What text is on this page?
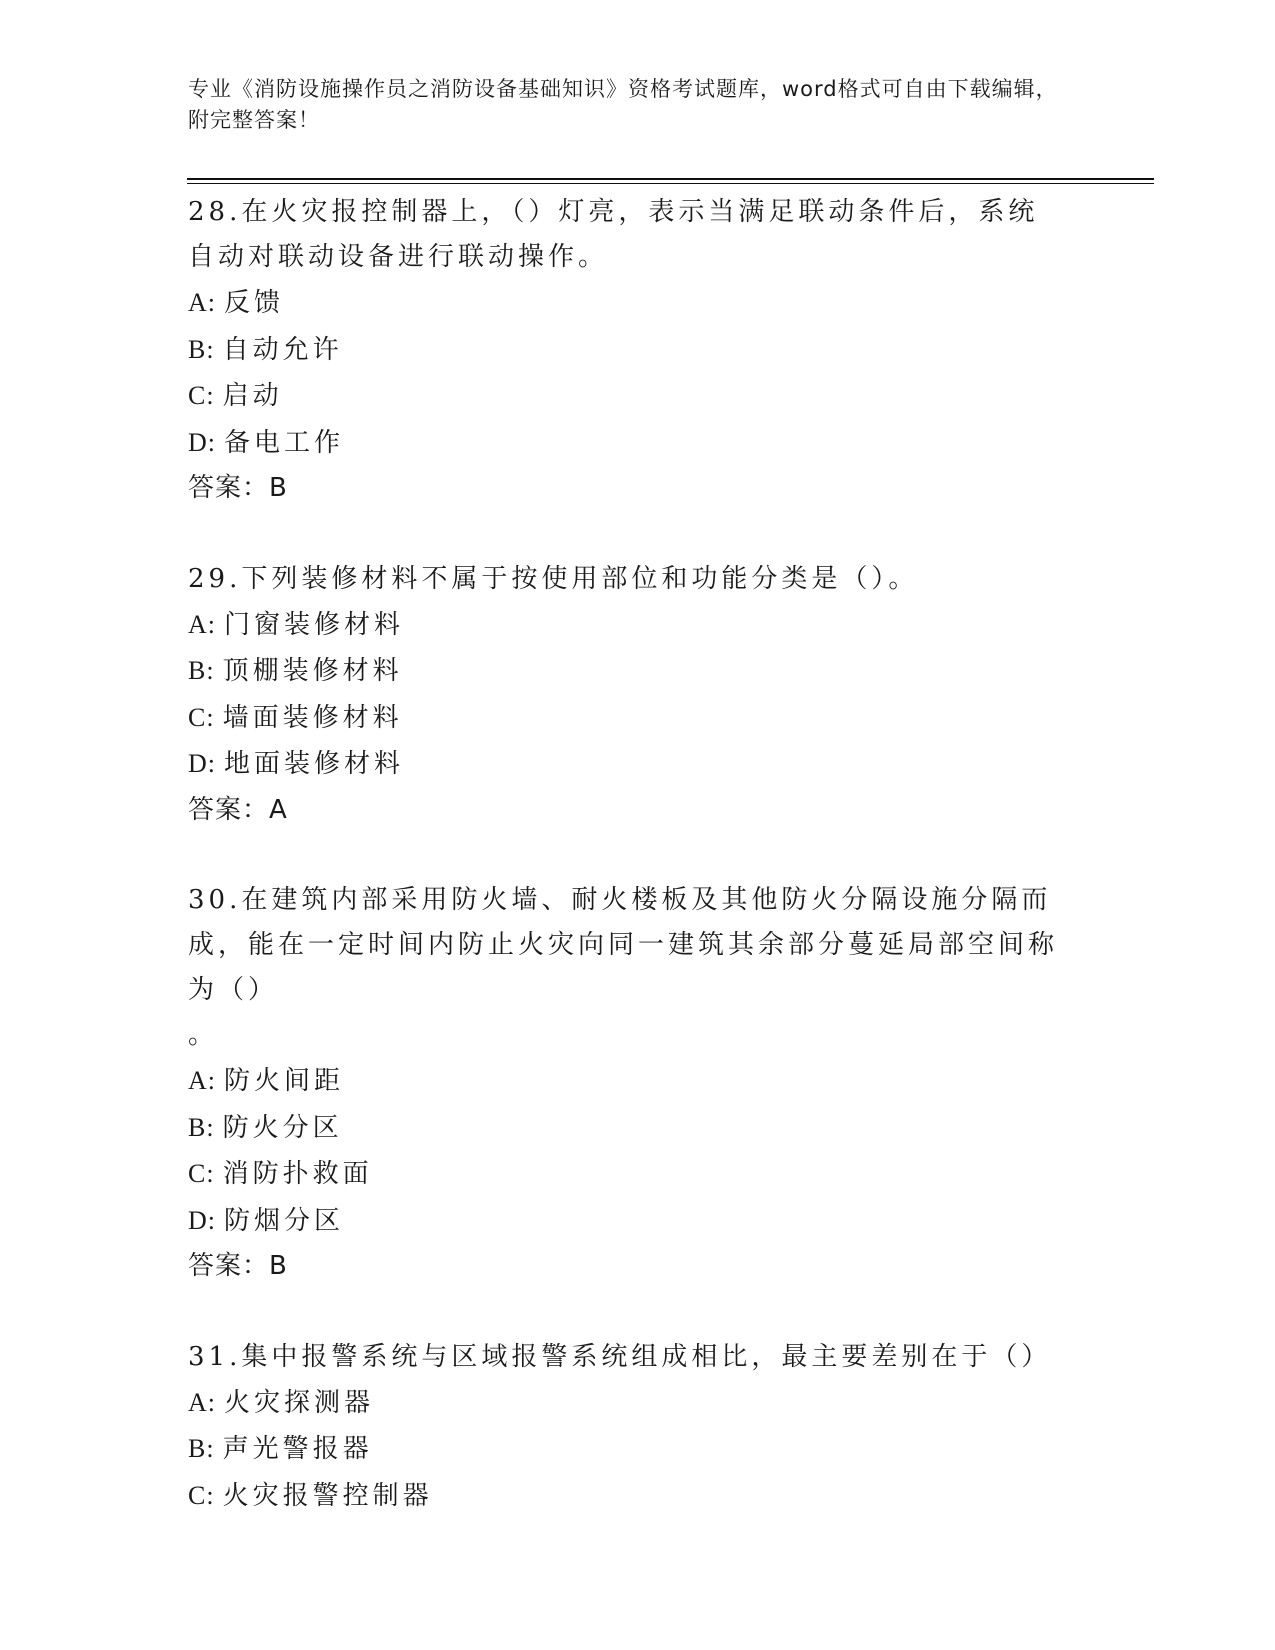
专业《消防设施操作员之消防设备基础知识》资格考试题库，word格式可自由下载编辑，附完整答案！

28.在火灾报控制器上，（）灯亮，表示当满足联动条件后，系统自动对联动设备进行联动操作。

A: 反馈

B: 自动允许

C: 启动

D: 备电工作

答案：B

29.下列装修材料不属于按使用部位和功能分类是（）。

A: 门窗装修材料

B: 顶棚装修材料

C: 墙面装修材料

D: 地面装修材料

答案：A

30.在建筑内部采用防火墙、耐火楼板及其他防火分隔设施分隔而成，能在一定时间内防止火灾向同一建筑其余部分蔓延局部空间称为（）

。

A: 防火间距

B: 防火分区

C: 消防扑救面

D: 防烟分区

答案：B

31.集中报警系统与区域报警系统组成相比，最主要差别在于（）

A: 火灾探测器

B: 声光警报器

C: 火灾报警控制器
